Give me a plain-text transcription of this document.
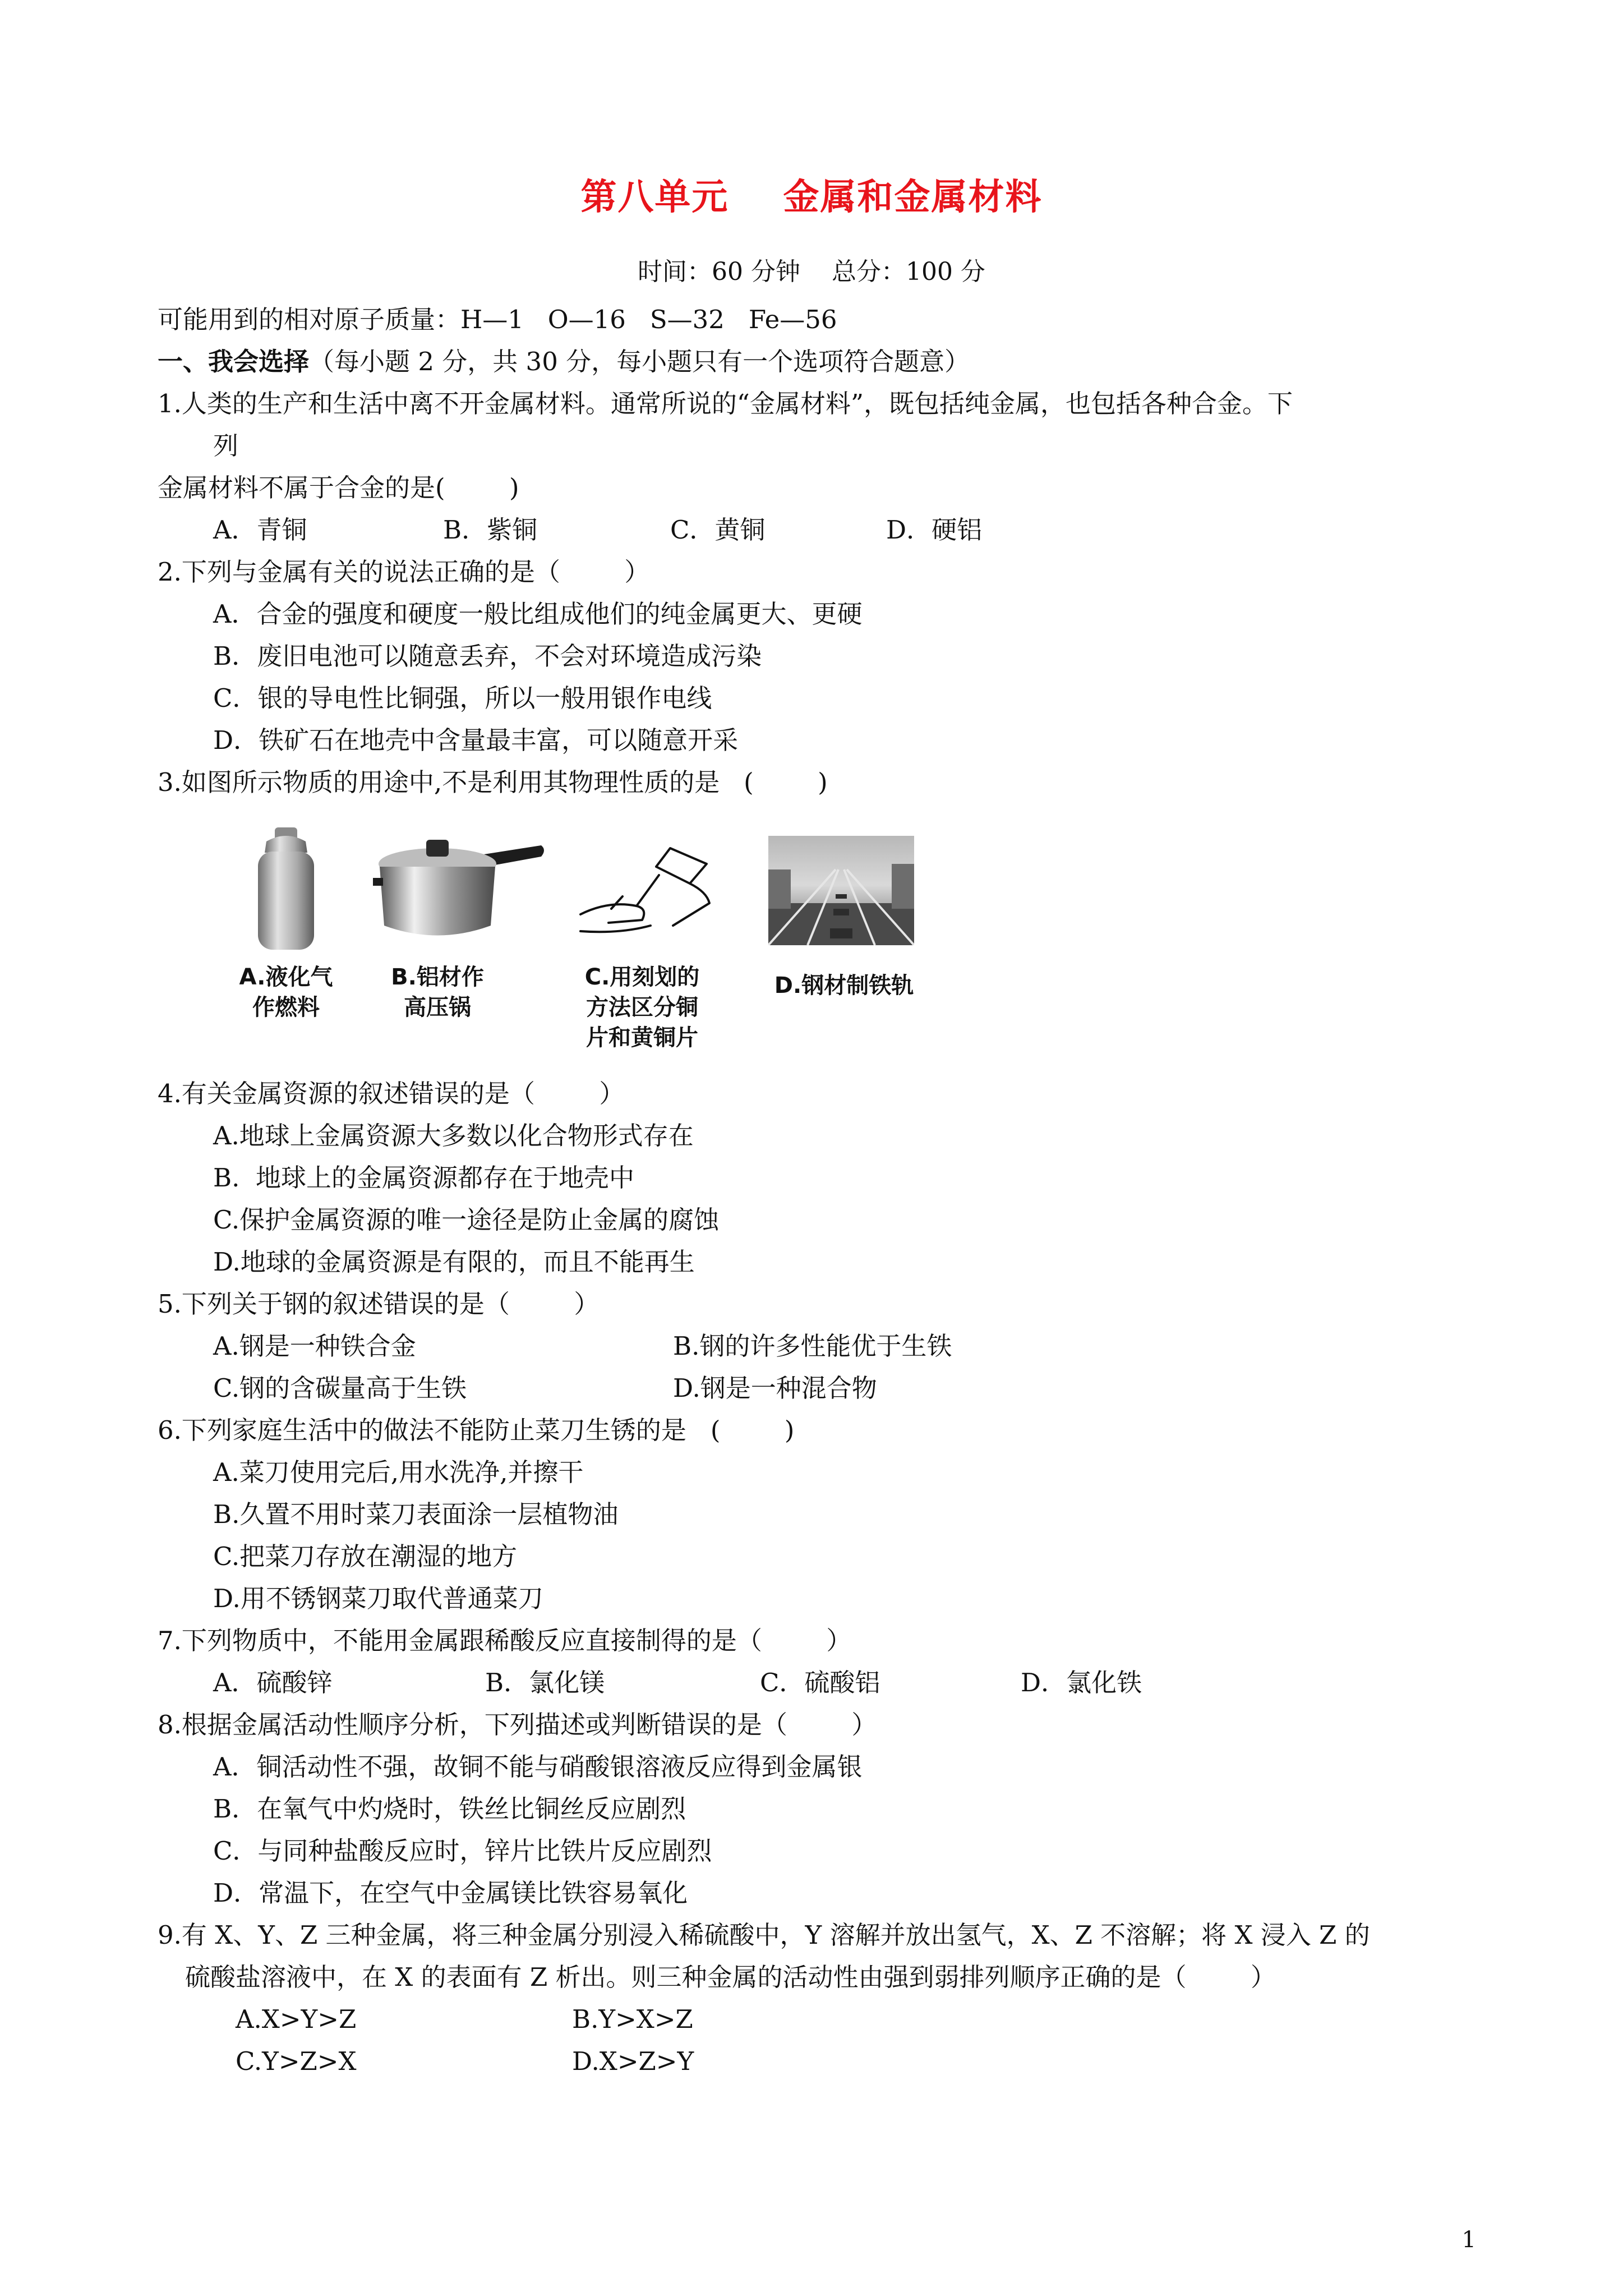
第八单元    金属和金属材料
时间：60 分钟    总分：100 分
可能用到的相对原子质量：H—1   O—16   S—32   Fe—56
一、我会选择（每小题 2 分，共 30 分，每小题只有一个选项符合题意）
1.人类的生产和生活中离不开金属材料。通常所说的“金属材料”，既包括纯金属，也包括各种合金。下
列
金属材料不属于合金的是(        )
A．青铜	B．紫铜	C．黄铜	D．硬铝
2.下列与金属有关的说法正确的是（        ）
A．合金的强度和硬度一般比组成他们的纯金属更大、更硬
B．废旧电池可以随意丢弃，不会对环境造成污染
C．银的导电性比铜强，所以一般用银作电线
D．铁矿石在地壳中含量最丰富，可以随意开采
3.如图所示物质的用途中,不是利用其物理性质的是   (        )
A.液化气
作燃料
B.铝材作
高压锅
C.用刻划的
方法区分铜
片和黄铜片
D.钢材制铁轨
4.有关金属资源的叙述错误的是（        ）
A.地球上金属资源大多数以化合物形式存在
B.  地球上的金属资源都存在于地壳中
C.保护金属资源的唯一途径是防止金属的腐蚀
D.地球的金属资源是有限的，而且不能再生
5.下列关于钢的叙述错误的是（        ）
A.钢是一种铁合金	B.钢的许多性能优于生铁
C.钢的含碳量高于生铁	D.钢是一种混合物
6.下列家庭生活中的做法不能防止菜刀生锈的是   (        )
A.菜刀使用完后,用水洗净,并擦干
B.久置不用时菜刀表面涂一层植物油
C.把菜刀存放在潮湿的地方
D.用不锈钢菜刀取代普通菜刀
7.下列物质中，不能用金属跟稀酸反应直接制得的是（        ）
A．硫酸锌	B．氯化镁	C．硫酸铝	D．氯化铁
8.根据金属活动性顺序分析，下列描述或判断错误的是（        ）
A．铜活动性不强，故铜不能与硝酸银溶液反应得到金属银
B．在氧气中灼烧时，铁丝比铜丝反应剧烈
C．与同种盐酸反应时，锌片比铁片反应剧烈
D．常温下，在空气中金属镁比铁容易氧化
9.有 X、Y、Z 三种金属，将三种金属分别浸入稀硫酸中，Y 溶解并放出氢气，X、Z 不溶解；将 X 浸入 Z 的
硫酸盐溶液中，在 X 的表面有 Z 析出。则三种金属的活动性由强到弱排列顺序正确的是（        ）
A.X>Y>Z	B.Y>X>Z
C.Y>Z>X	D.X>Z>Y
1
